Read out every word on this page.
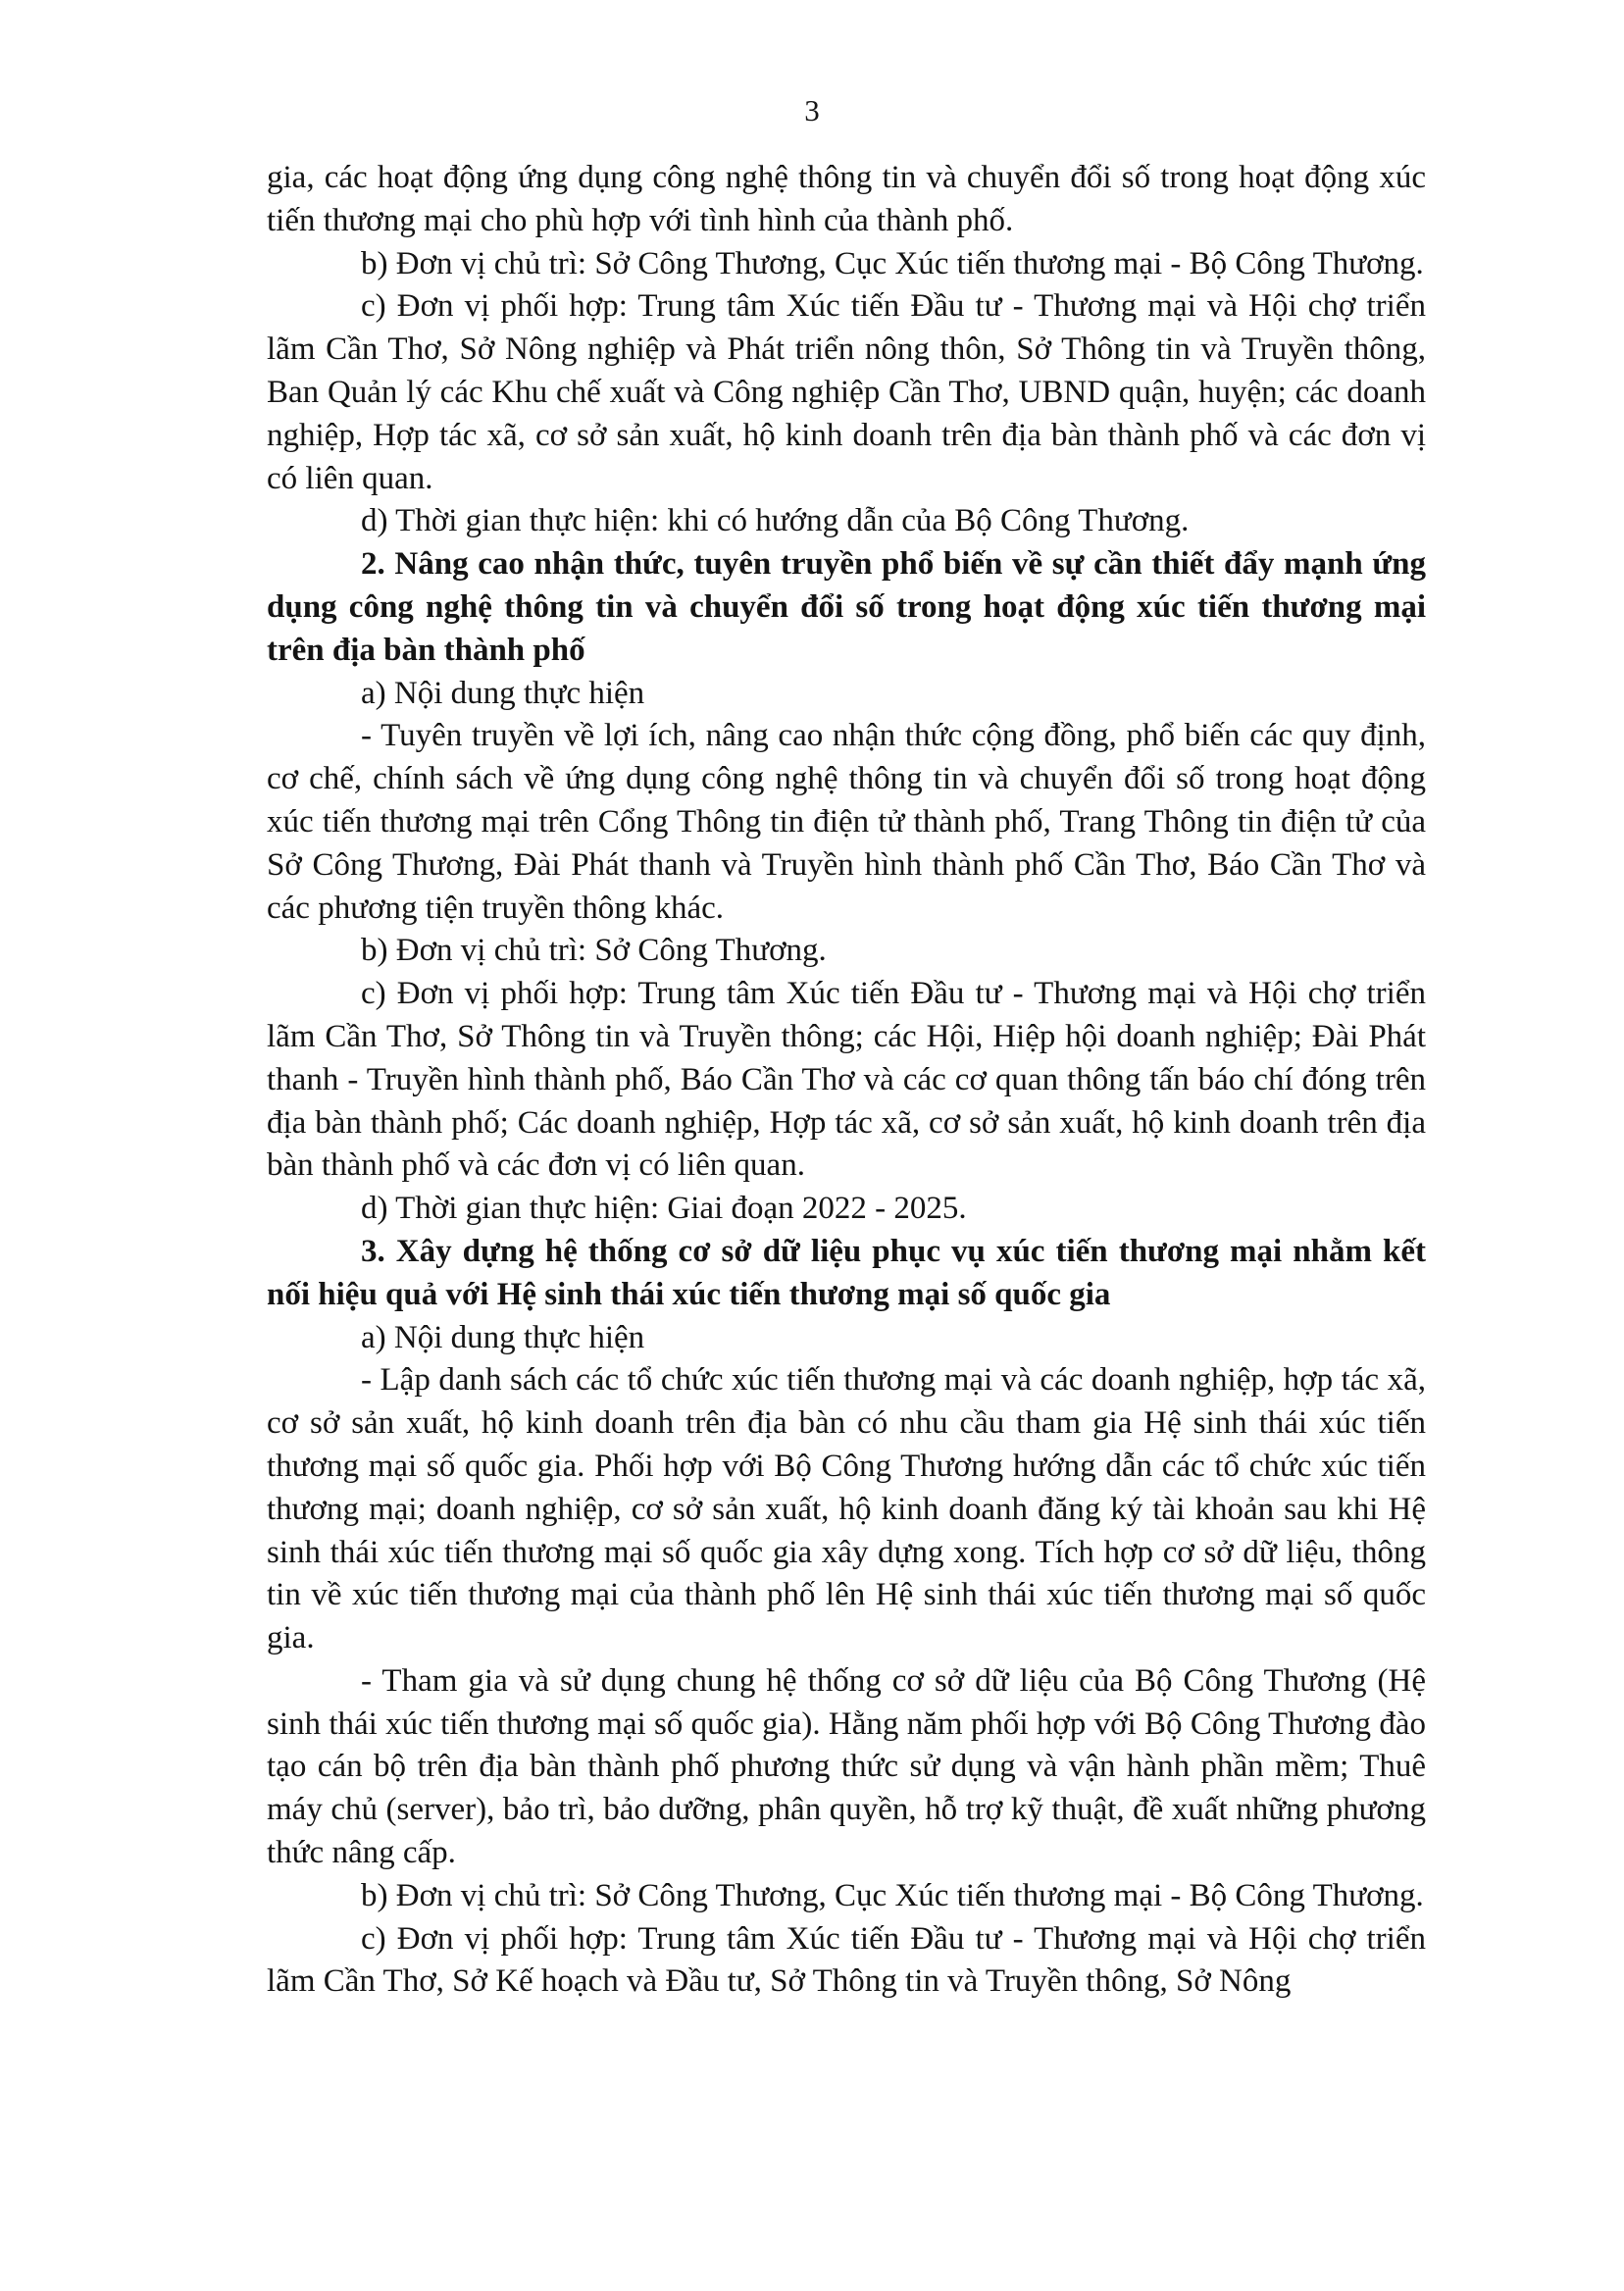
3

gia, các hoạt động ứng dụng công nghệ thông tin và chuyển đổi số trong hoạt động xúc tiến thương mại cho phù hợp với tình hình của thành phố.

b) Đơn vị chủ trì: Sở Công Thương, Cục Xúc tiến thương mại - Bộ Công Thương.

c) Đơn vị phối hợp: Trung tâm Xúc tiến Đầu tư - Thương mại và Hội chợ triển lãm Cần Thơ, Sở Nông nghiệp và Phát triển nông thôn, Sở Thông tin và Truyền thông, Ban Quản lý các Khu chế xuất và Công nghiệp Cần Thơ, UBND quận, huyện; các doanh nghiệp, Hợp tác xã, cơ sở sản xuất, hộ kinh doanh trên địa bàn thành phố và các đơn vị có liên quan.

d) Thời gian thực hiện: khi có hướng dẫn của Bộ Công Thương.

2. Nâng cao nhận thức, tuyên truyền phổ biến về sự cần thiết đẩy mạnh ứng dụng công nghệ thông tin và chuyển đổi số trong hoạt động xúc tiến thương mại trên địa bàn thành phố

a) Nội dung thực hiện

- Tuyên truyền về lợi ích, nâng cao nhận thức cộng đồng, phổ biến các quy định, cơ chế, chính sách về ứng dụng công nghệ thông tin và chuyển đổi số trong hoạt động xúc tiến thương mại trên Cổng Thông tin điện tử thành phố, Trang Thông tin điện tử của Sở Công Thương, Đài Phát thanh và Truyền hình thành phố Cần Thơ, Báo Cần Thơ và các phương tiện truyền thông khác.

b) Đơn vị chủ trì: Sở Công Thương.

c) Đơn vị phối hợp: Trung tâm Xúc tiến Đầu tư - Thương mại và Hội chợ triển lãm Cần Thơ, Sở Thông tin và Truyền thông; các Hội, Hiệp hội doanh nghiệp; Đài Phát thanh - Truyền hình thành phố, Báo Cần Thơ và các cơ quan thông tấn báo chí đóng trên địa bàn thành phố; Các doanh nghiệp, Hợp tác xã, cơ sở sản xuất, hộ kinh doanh trên địa bàn thành phố và các đơn vị có liên quan.

d) Thời gian thực hiện: Giai đoạn 2022 - 2025.

3. Xây dựng hệ thống cơ sở dữ liệu phục vụ xúc tiến thương mại nhằm kết nối hiệu quả với Hệ sinh thái xúc tiến thương mại số quốc gia

a) Nội dung thực hiện

- Lập danh sách các tổ chức xúc tiến thương mại và các doanh nghiệp, hợp tác xã, cơ sở sản xuất, hộ kinh doanh trên địa bàn có nhu cầu tham gia Hệ sinh thái xúc tiến thương mại số quốc gia. Phối hợp với Bộ Công Thương hướng dẫn các tổ chức xúc tiến thương mại; doanh nghiệp, cơ sở sản xuất, hộ kinh doanh đăng ký tài khoản sau khi Hệ sinh thái xúc tiến thương mại số quốc gia xây dựng xong. Tích hợp cơ sở dữ liệu, thông tin về xúc tiến thương mại của thành phố lên Hệ sinh thái xúc tiến thương mại số quốc gia.

- Tham gia và sử dụng chung hệ thống cơ sở dữ liệu của Bộ Công Thương (Hệ sinh thái xúc tiến thương mại số quốc gia). Hằng năm phối hợp với Bộ Công Thương đào tạo cán bộ trên địa bàn thành phố phương thức sử dụng và vận hành phần mềm; Thuê máy chủ (server), bảo trì, bảo dưỡng, phân quyền, hỗ trợ kỹ thuật, đề xuất những phương thức nâng cấp.

b) Đơn vị chủ trì: Sở Công Thương, Cục Xúc tiến thương mại - Bộ Công Thương.

c) Đơn vị phối hợp: Trung tâm Xúc tiến Đầu tư - Thương mại và Hội chợ triển lãm Cần Thơ, Sở Kế hoạch và Đầu tư, Sở Thông tin và Truyền thông, Sở Nông
